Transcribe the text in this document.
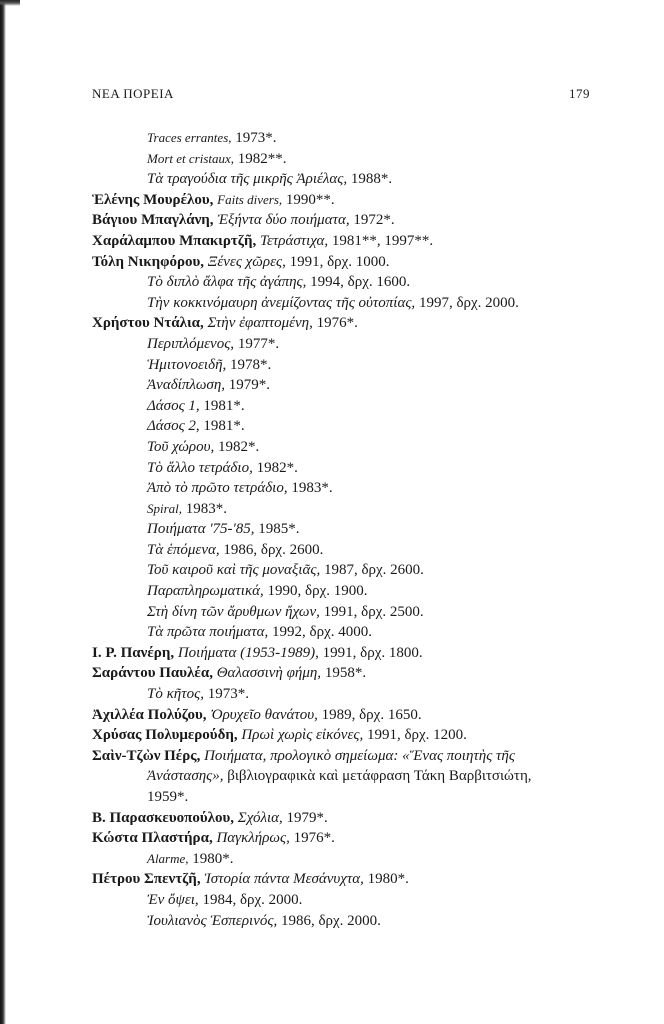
ΝΕΑ ΠΟΡΕΙΑ	179
Traces errantes, 1973*.
Mort et cristaux, 1982**.
Τὰ τραγούδια τῆς μικρῆς Ἀριέλας, 1988*.
Ἑλένης Μουρέλου, Faits divers, 1990**.
Βάγιου Μπαγλάνη, Ἐξήντα δύο ποιήματα, 1972*.
Χαράλαμπου Μπακιρτζῆ, Τετράστιχα, 1981**, 1997**.
Τόλη Νικηφόρου, Ξένες χῶρες, 1991, δρχ. 1000.
Τὸ διπλὸ ἄλφα τῆς ἀγάπης, 1994, δρχ. 1600.
Τὴν κοκκινόμαυρη ἀνεμίζοντας τῆς οὐτοπίας, 1997, δρχ. 2000.
Χρήστου Ντάλια, Στὴν ἐφαπτομένη, 1976*.
Περιπλόμενος, 1977*.
Ἡμιτονοειδῆ, 1978*.
Ἀναδίπλωση, 1979*.
Δάσος 1, 1981*.
Δάσος 2, 1981*.
Τοῦ χώρου, 1982*.
Τὸ ἄλλο τετράδιο, 1982*.
Ἀπὸ τὸ πρῶτο τετράδιο, 1983*.
Spiral, 1983*.
Ποιήματα '75-'85, 1985*.
Τὰ ἑπόμενα, 1986, δρχ. 2600.
Τοῦ καιροῦ καὶ τῆς μοναξιᾶς, 1987, δρχ. 2600.
Παραπληρωματικά, 1990, δρχ. 1900.
Στὴ δίνη τῶν ἄρυθμων ἤχων, 1991, δρχ. 2500.
Τὰ πρῶτα ποιήματα, 1992, δρχ. 4000.
Ι. Ρ. Πανέρη, Ποιήματα (1953-1989), 1991, δρχ. 1800.
Σαράντου Παυλέα, Θαλασσινὴ φήμη, 1958*.
Τὸ κῆτος, 1973*.
Ἀχιλλέα Πολύζου, Ὀρυχεῖο θανάτου, 1989, δρχ. 1650.
Χρύσας Πολυμερούδη, Πρωὶ χωρὶς εἰκόνες, 1991, δρχ. 1200.
Σαὶν-Τζὼν Πέρς, Ποιήματα, προλογικὸ σημείωμα: «Ἕνας ποιητὴς τῆς
Ἀνάστασης», βιβλιογραφικὰ καὶ μετάφραση Τάκη Βαρβιτσιώτη,
1959*.
Β. Παρασκευοπούλου, Σχόλια, 1979*.
Κώστα Πλαστήρα, Παγκλήρως, 1976*.
Alarme, 1980*.
Πέτρου Σπεντζῆ, Ἱστορία πάντα Μεσάνυχτα, 1980*.
Ἐν ὄψει, 1984, δρχ. 2000.
Ἰουλιανὸς Ἑσπερινός, 1986, δρχ. 2000.
